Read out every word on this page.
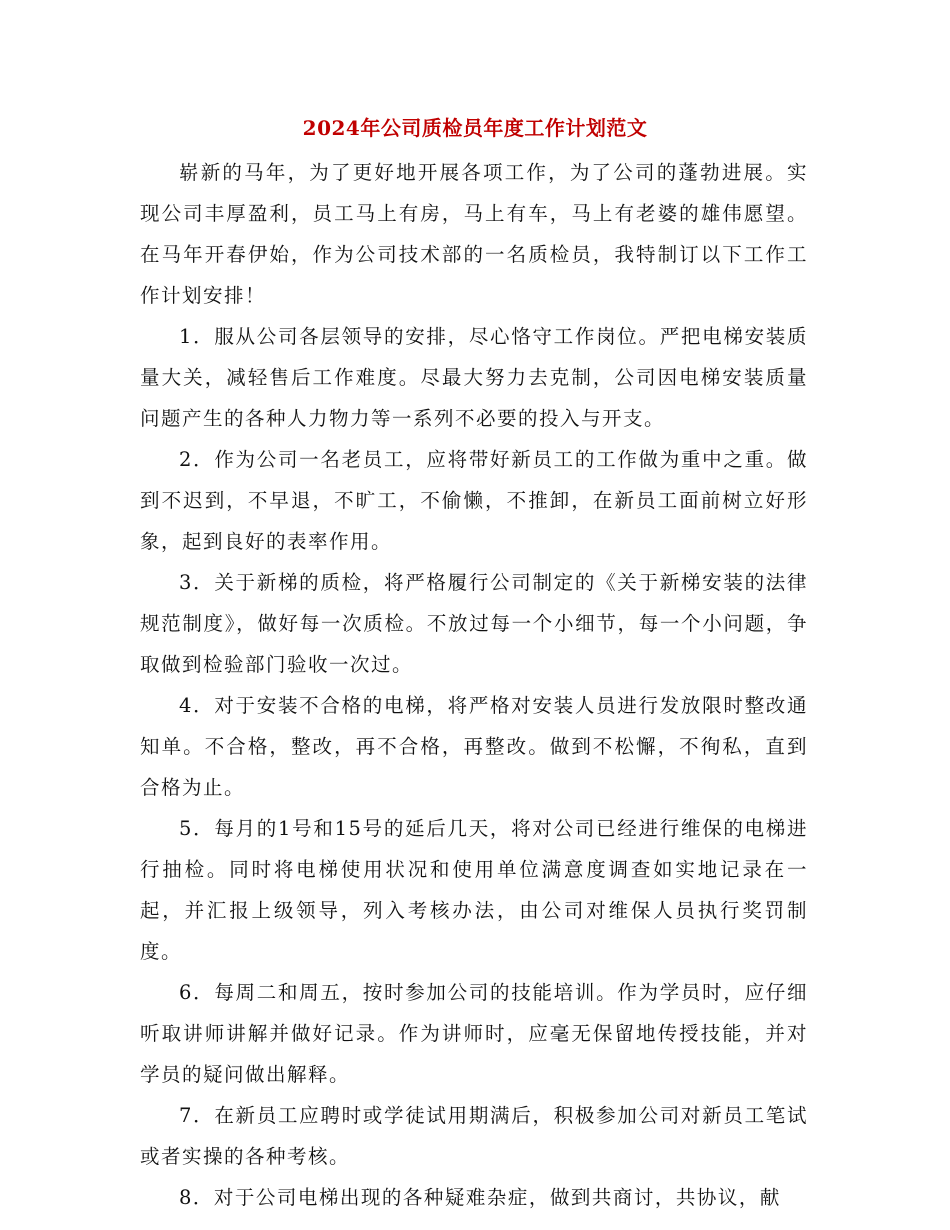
2024年公司质检员年度工作计划范文

崭新的马年，为了更好地开展各项工作，为了公司的蓬勃进展。实现公司丰厚盈利，员工马上有房，马上有车，马上有老婆的雄伟愿望。在马年开春伊始，作为公司技术部的一名质检员，我特制订以下工作工作计划安排！

1．服从公司各层领导的安排，尽心恪守工作岗位。严把电梯安装质量大关，减轻售后工作难度。尽最大努力去克制，公司因电梯安装质量问题产生的各种人力物力等一系列不必要的投入与开支。

2．作为公司一名老员工，应将带好新员工的工作做为重中之重。做到不迟到，不早退，不旷工，不偷懒，不推卸，在新员工面前树立好形象，起到良好的表率作用。

3．关于新梯的质检，将严格履行公司制定的《关于新梯安装的法律规范制度》，做好每一次质检。不放过每一个小细节，每一个小问题，争取做到检验部门验收一次过。

4．对于安装不合格的电梯，将严格对安装人员进行发放限时整改通知单。不合格，整改，再不合格，再整改。做到不松懈，不徇私，直到合格为止。

5．每月的1号和15号的延后几天，将对公司已经进行维保的电梯进行抽检。同时将电梯使用状况和使用单位满意度调查如实地记录在一起，并汇报上级领导，列入考核办法，由公司对维保人员执行奖罚制度。

6．每周二和周五，按时参加公司的技能培训。作为学员时，应仔细听取讲师讲解并做好记录。作为讲师时，应毫无保留地传授技能，并对学员的疑问做出解释。

7．在新员工应聘时或学徒试用期满后，积极参加公司对新员工笔试或者实操的各种考核。

8．对于公司电梯出现的各种疑难杂症，做到共商讨，共协议，献
